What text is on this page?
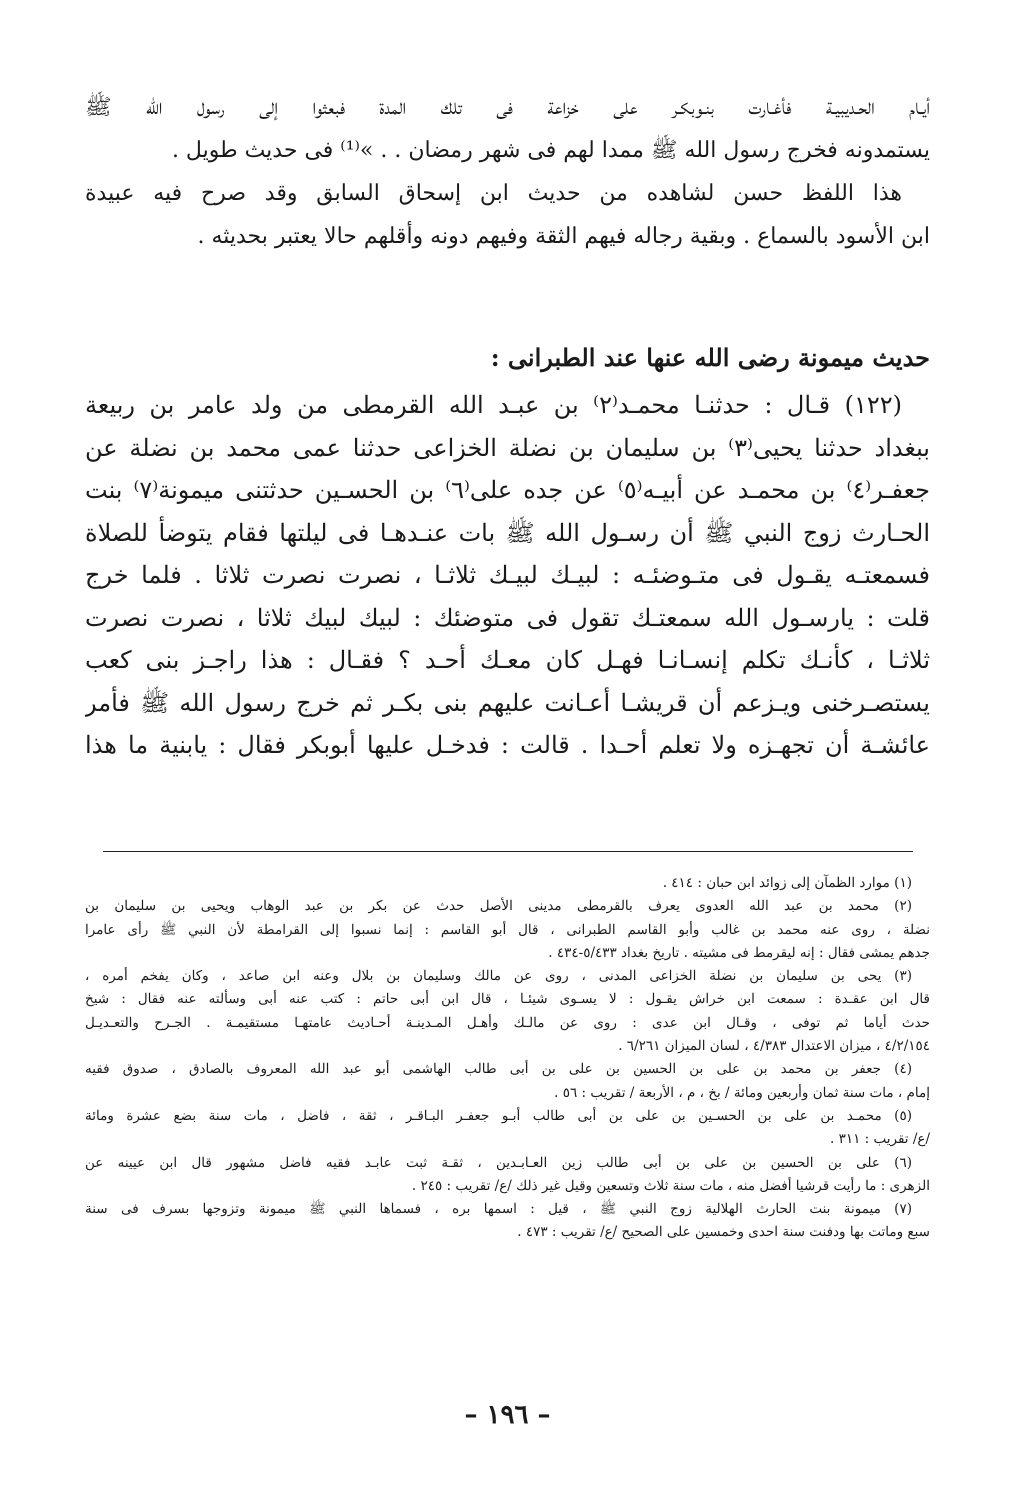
أيـام الحـديبيـة فأغـارت بنـوبكـر على خزاعة فى تلك المدة فبعثوا إلى رسول الله ﷺ
يستمدونه فخرج رسول الله ﷺ ممدا لهم فى شهر رمضان . . »⁽¹⁾ فى حديث طويل .
هذا اللفظ حسن لشاهده من حديث ابن إسحاق السابق وقد صرح فيه عبيدة
ابن الأسود بالسماع . وبقية رجاله فيهم الثقة وفيهم دونه وأقلهم حالا يعتبر بحديثه .
حديث ميمونة رضى الله عنها عند الطبرانى :
(١٢٢) قـال : حدثنـا محمـد⁽٢⁾ بن عبـد الله القرمطى من ولد عامر بن ربيعة
ببغداد حدثنا يحيى⁽٣⁾ بن سليمان بن نضلة الخزاعى حدثنا عمى محمد بن نضلة عن
جعفـر⁽٤⁾ بن محمـد عن أبيـه⁽٥⁾ عن جده على⁽٦⁾ بن الحسـين حدثتنى ميمونة⁽٧⁾ بنت
الحـارث زوج النبي ﷺ أن رسـول الله ﷺ بات عنـدهـا فى ليلتها فقام يتوضأ للصلاة
فسمعتـه يقـول فى متـوضئـه : لبيـك لبيـك ثلاثـا ، نصرت نصرت ثلاثا . فلما خرج
قلت : يارسـول الله سمعتـك تقول فى متوضئك : لبيك لبيك ثلاثا ، نصرت نصرت
ثلاثـا ، كأنـك تكلم إنسـانـا فهـل كان معـك أحـد ؟ فقـال : هذا راجـز بنى كعب
يستصـرخنى ويـزعم أن قريشـا أعـانت عليهم بنى بكـر ثم خرج رسول الله ﷺ فأمر
عائشـة أن تجهـزه ولا تعلم أحـدا . قالت : فدخـل عليها أبوبكر فقال : يابنية ما هذا
(١) موارد الظمآن إلى زوائد ابن حبان : ٤١٤ .
(٢) محمد بن عبد الله العدوى يعرف بالقرمطى مدينى الأصل حدث عن بكر بن عبد الوهاب ويحيى بن سليمان بن
نضلة ، روى عنه محمد بن غالب وأبو القاسم الطبرانى ، قال أبو القاسم : إنما نسبوا إلى القرامطة لأن النبي ﷺ رأى عامرا
جدهم يمشى فقال : إنه ليقرمط فى مشيته . تاريخ بغداد ٥/٤٣٣-٤٣٤ .
(٣) يحى بن سليمان بن نضلة الخزاعى المدنى ، روى عن مالك وسليمان بن بلال وعنه ابن صاعد ، وكان يفخم أمره ،
قال ابن عقـدة : سمعت ابن خراش يقـول : لا يسـوى شيئـا ، قال ابن أبى حاتم : كتب عنه أبى وسألته عنه فقال : شيخ
حدث أياما ثم توفى ، وقـال ابن عدى : روى عن مالـك وأهـل المـدينـة أحـاديث عامتهـا مستقيمـة . الجـرح والتعـديـل
٤/٢/١٥٤ ، ميزان الاعتدال ٤/٣٨٣ ، لسان الميزان ٦/٢٦١ .
(٤) جعفر بن محمد بن على بن الحسين بن على بن أبى طالب الهاشمى أبو عبد الله المعروف بالصادق ، صدوق فقيه
إمام ، مات سنة ثمان وأربعين ومائة / بخ ، م ، الأربعة / تقريب : ٥٦ .
(٥) محمـد بن على بن الحسـين بن على بن أبى طالب أبـو جعفـر البـاقـر ، ثقة ، فاضل ، مات سنة بضع عشرة ومائة
/ع/ تقريب : ٣١١ .
(٦) على بن الحسين بن على بن أبى طالب زين العـابـدين ، ثقـة ثبت عابـد فقيه فاضل مشهور قال ابن عيينه عن
الزهرى : ما رأيت قرشيا أفضل منه ، مات سنة ثلاث وتسعين وقيل غير ذلك /ع/ تقريب : ٢٤٥ .
(٧) ميمونة بنت الحارث الهلالية زوج النبي ﷺ ، قيل : اسمها بره ، فسماها النبي ﷺ ميمونة وتزوجها بسرف فى سنة
سبع وماتت بها ودفنت سنة احدى وخمسين على الصحيح /ع/ تقريب : ٤٧٣ .
– ١٩٦ –
